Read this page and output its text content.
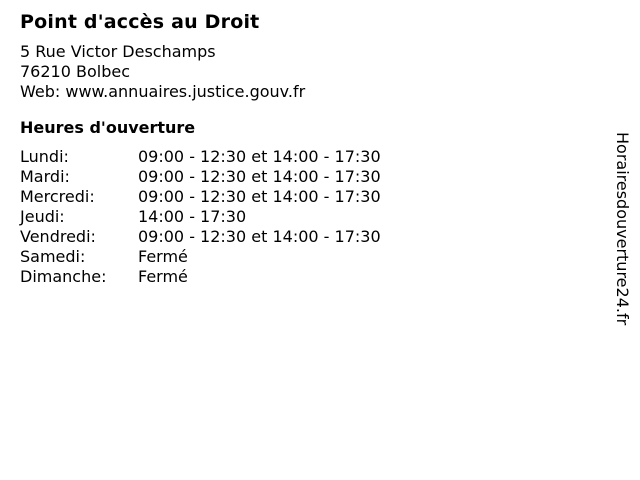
Point d'accès au Droit
5 Rue Victor Deschamps
76210 Bolbec
Web: www.annuaires.justice.gouv.fr
Heures d'ouverture
Lundi:	09:00 - 12:30 et 14:00 - 17:30
Mardi:	09:00 - 12:30 et 14:00 - 17:30
Mercredi:	09:00 - 12:30 et 14:00 - 17:30
Jeudi:	14:00 - 17:30
Vendredi:	09:00 - 12:30 et 14:00 - 17:30
Samedi:	Fermé
Dimanche:	Fermé	Horairesdouverture24.fr
